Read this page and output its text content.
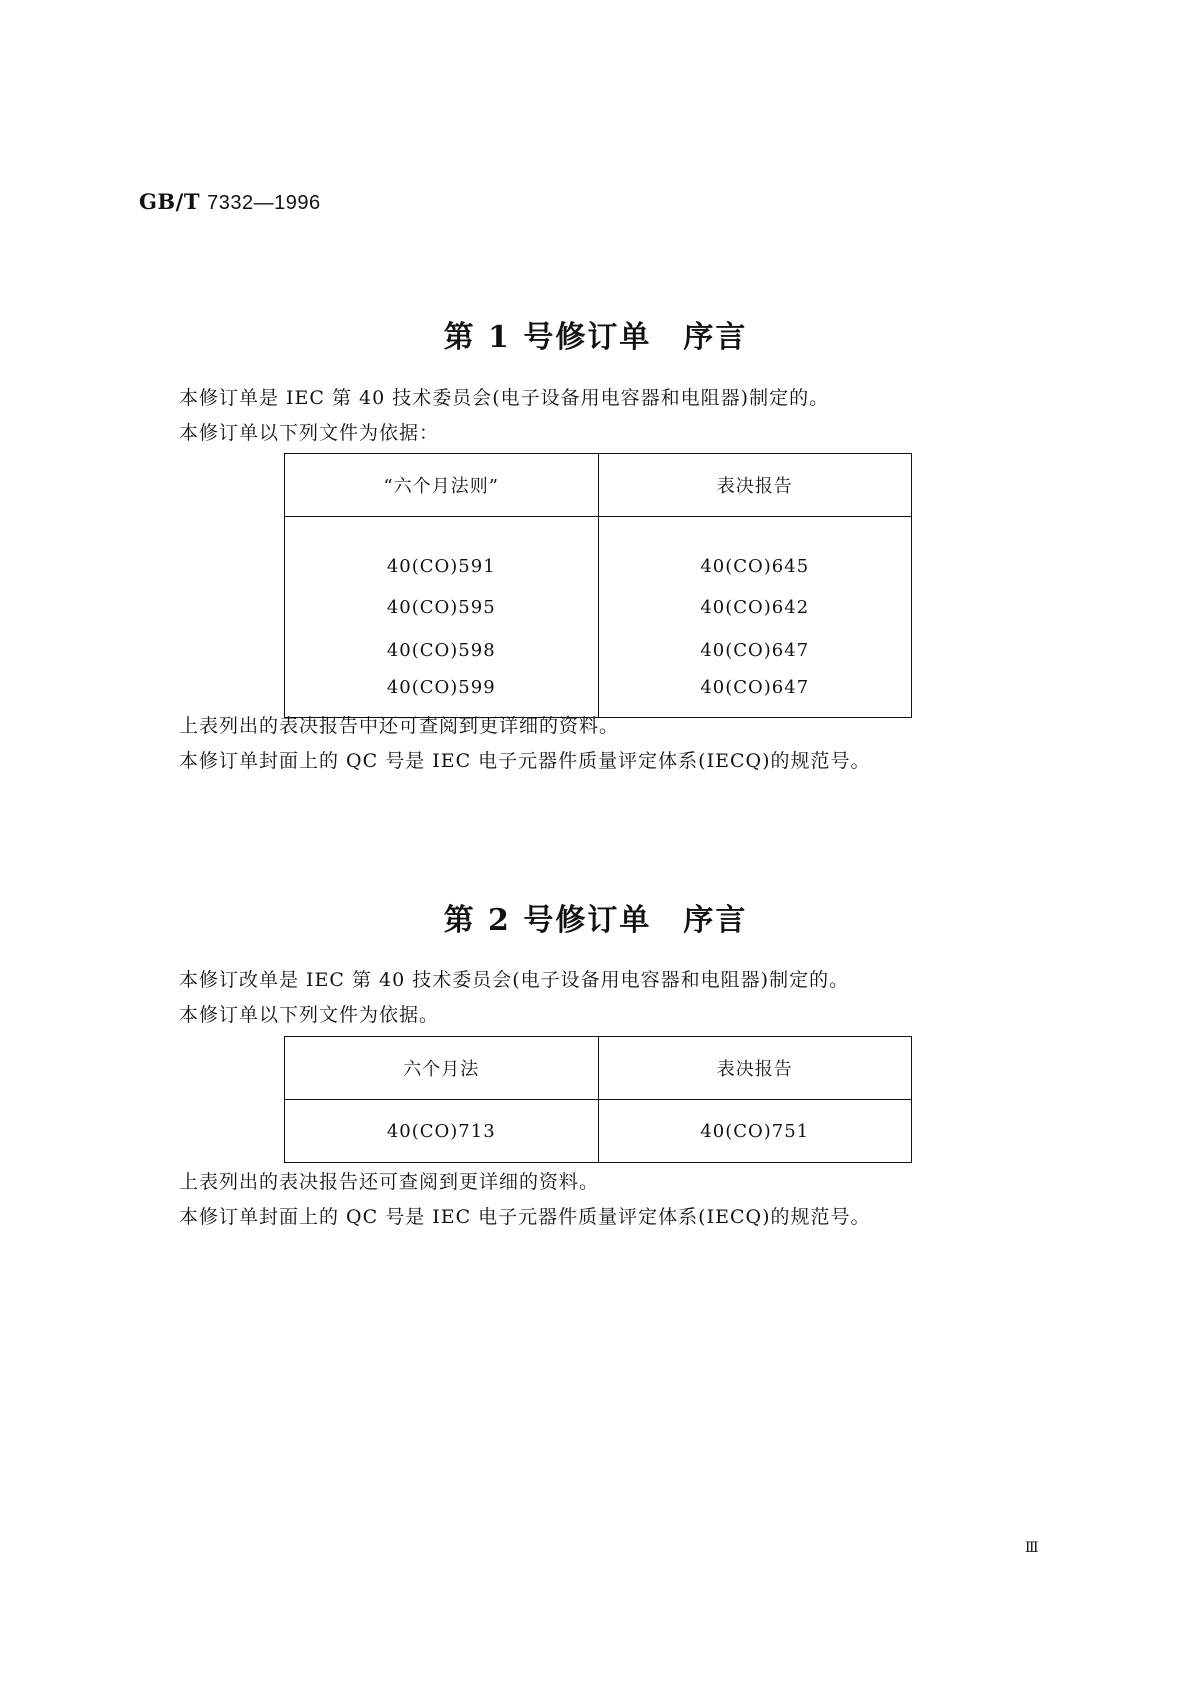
GB/T 7332—1996
第 1 号修订单　序言
本修订单是 IEC 第 40 技术委员会(电子设备用电容器和电阻器)制定的。
本修订单以下列文件为依据：
“六个月法则”	表决报告
40(CO)591	40(CO)645
40(CO)595	40(CO)642
40(CO)598	40(CO)647
40(CO)599	40(CO)647
上表列出的表决报告中还可查阅到更详细的资料。
本修订单封面上的 QC 号是 IEC 电子元器件质量评定体系(IECQ)的规范号。
第 2 号修订单　序言
本修订改单是 IEC 第 40 技术委员会(电子设备用电容器和电阻器)制定的。
本修订单以下列文件为依据。
六个月法	表决报告
40(CO)713	40(CO)751
上表列出的表决报告还可查阅到更详细的资料。
本修订单封面上的 QC 号是 IEC 电子元器件质量评定体系(IECQ)的规范号。
Ⅲ
